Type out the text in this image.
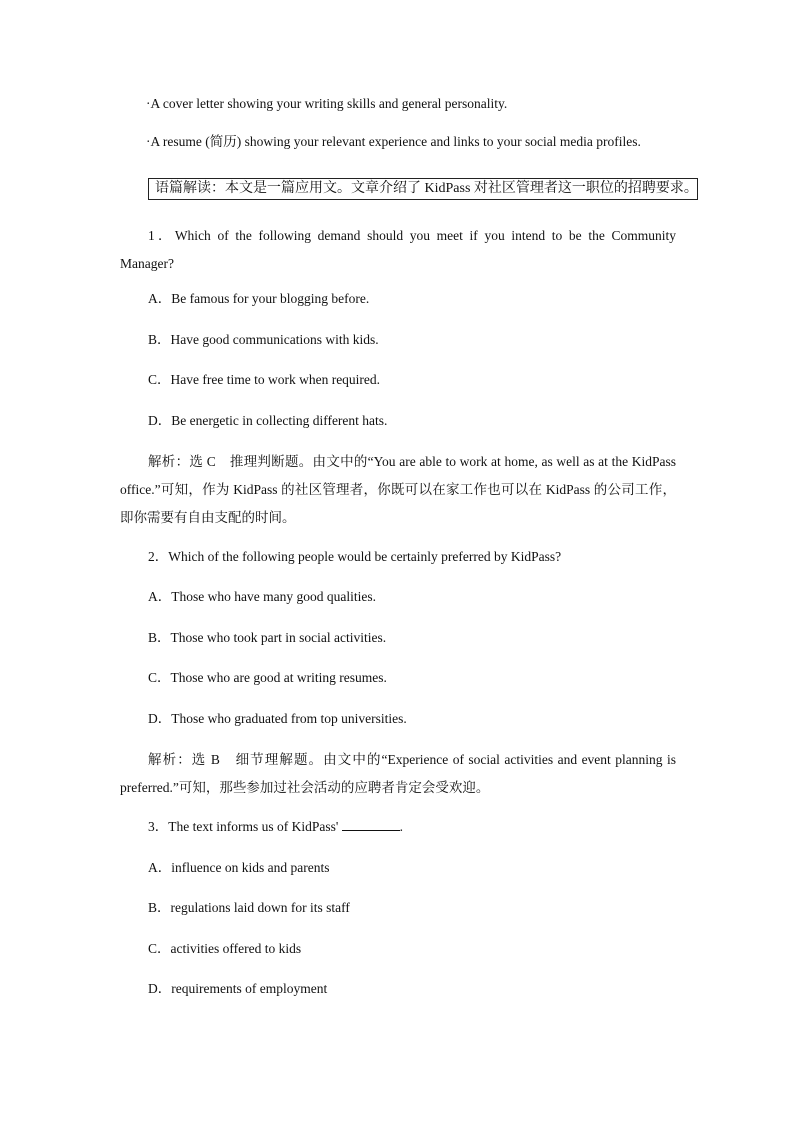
·A cover letter showing your writing skills and general personality.
·A resume (简历) showing your relevant experience and links to your social media profiles.
语篇解读：本文是一篇应用文。文章介绍了 KidPass 对社区管理者这一职位的招聘要求。
1．Which of the following demand should you meet if you intend to be the Community Manager?
A．Be famous for your blogging before.
B．Have good communications with kids.
C．Have free time to work when required.
D．Be energetic in collecting different hats.
解析：选 C　推理判断题。由文中的“You are able to work at home, as well as at the KidPass office.”可知，作为 KidPass 的社区管理者，你既可以在家工作也可以在 KidPass 的公司工作，即你需要有自由支配的时间。
2．Which of the following people would be certainly preferred by KidPass?
A．Those who have many good qualities.
B．Those who took part in social activities.
C．Those who are good at writing resumes.
D．Those who graduated from top universities.
解析：选 B　细节理解题。由文中的“Experience of social activities and event planning is preferred.”可知，那些参加过社会活动的应聘者肯定会受欢迎。
3．The text informs us of KidPass'	.
A．influence on kids and parents
B．regulations laid down for its staff
C．activities offered to kids
D．requirements of employment
